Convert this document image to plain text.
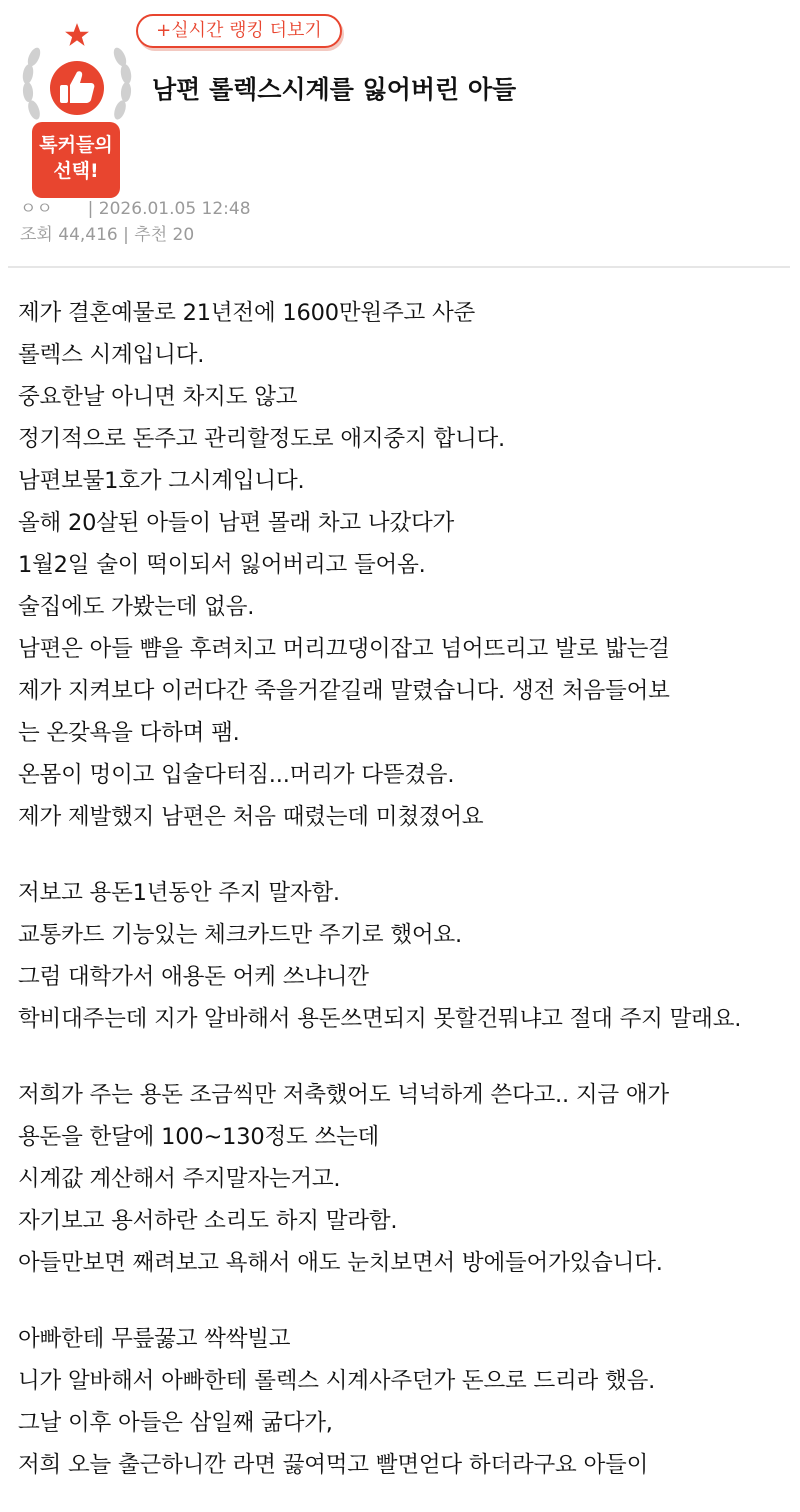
+실시간 랭킹 더보기
톡커들의
선택!
남편 롤렉스시계를 잃어버린 아들
ㅇㅇ | 2026.01.05 12:48
조회 44,416 | 추천 20
제가 결혼예물로 21년전에 1600만원주고 사준
롤렉스 시계입니다.
중요한날 아니면 차지도 않고
정기적으로 돈주고 관리할정도로 애지중지 합니다.
남편보물1호가 그시계입니다.
올해 20살된 아들이 남편 몰래 차고 나갔다가
1월2일 술이 떡이되서 잃어버리고 들어옴.
술집에도 가봤는데 없음.
남편은 아들 뺨을 후려치고 머리끄댕이잡고 넘어뜨리고 발로 밟는걸
제가 지켜보다 이러다간 죽을거같길래 말렸습니다. 생전 처음들어보
는 온갖욕을 다하며 팸.
온몸이 멍이고 입술다터짐...머리가 다뜯겼음.
제가 제발했지 남편은 처음 때렸는데 미쳤졌어요
저보고 용돈1년동안 주지 말자함.
교통카드 기능있는 체크카드만 주기로 했어요.
그럼 대학가서 애용돈 어케 쓰냐니깐
학비대주는데 지가 알바해서 용돈쓰면되지 못할건뭐냐고 절대 주지 말래요.
저희가 주는 용돈 조금씩만 저축했어도 넉넉하게 쓴다고.. 지금 애가
용돈을 한달에 100~130정도 쓰는데
시계값 계산해서 주지말자는거고.
자기보고 용서하란 소리도 하지 말라함.
아들만보면 째려보고 욕해서 애도 눈치보면서 방에들어가있습니다.
아빠한테 무릎꿇고 싹싹빌고
니가 알바해서 아빠한테 롤렉스 시계사주던가 돈으로 드리라 했음.
그날 이후 아들은 삼일째 굶다가,
저희 오늘 출근하니깐 라면 끓여먹고 빨면얻다 하더라구요 아들이
